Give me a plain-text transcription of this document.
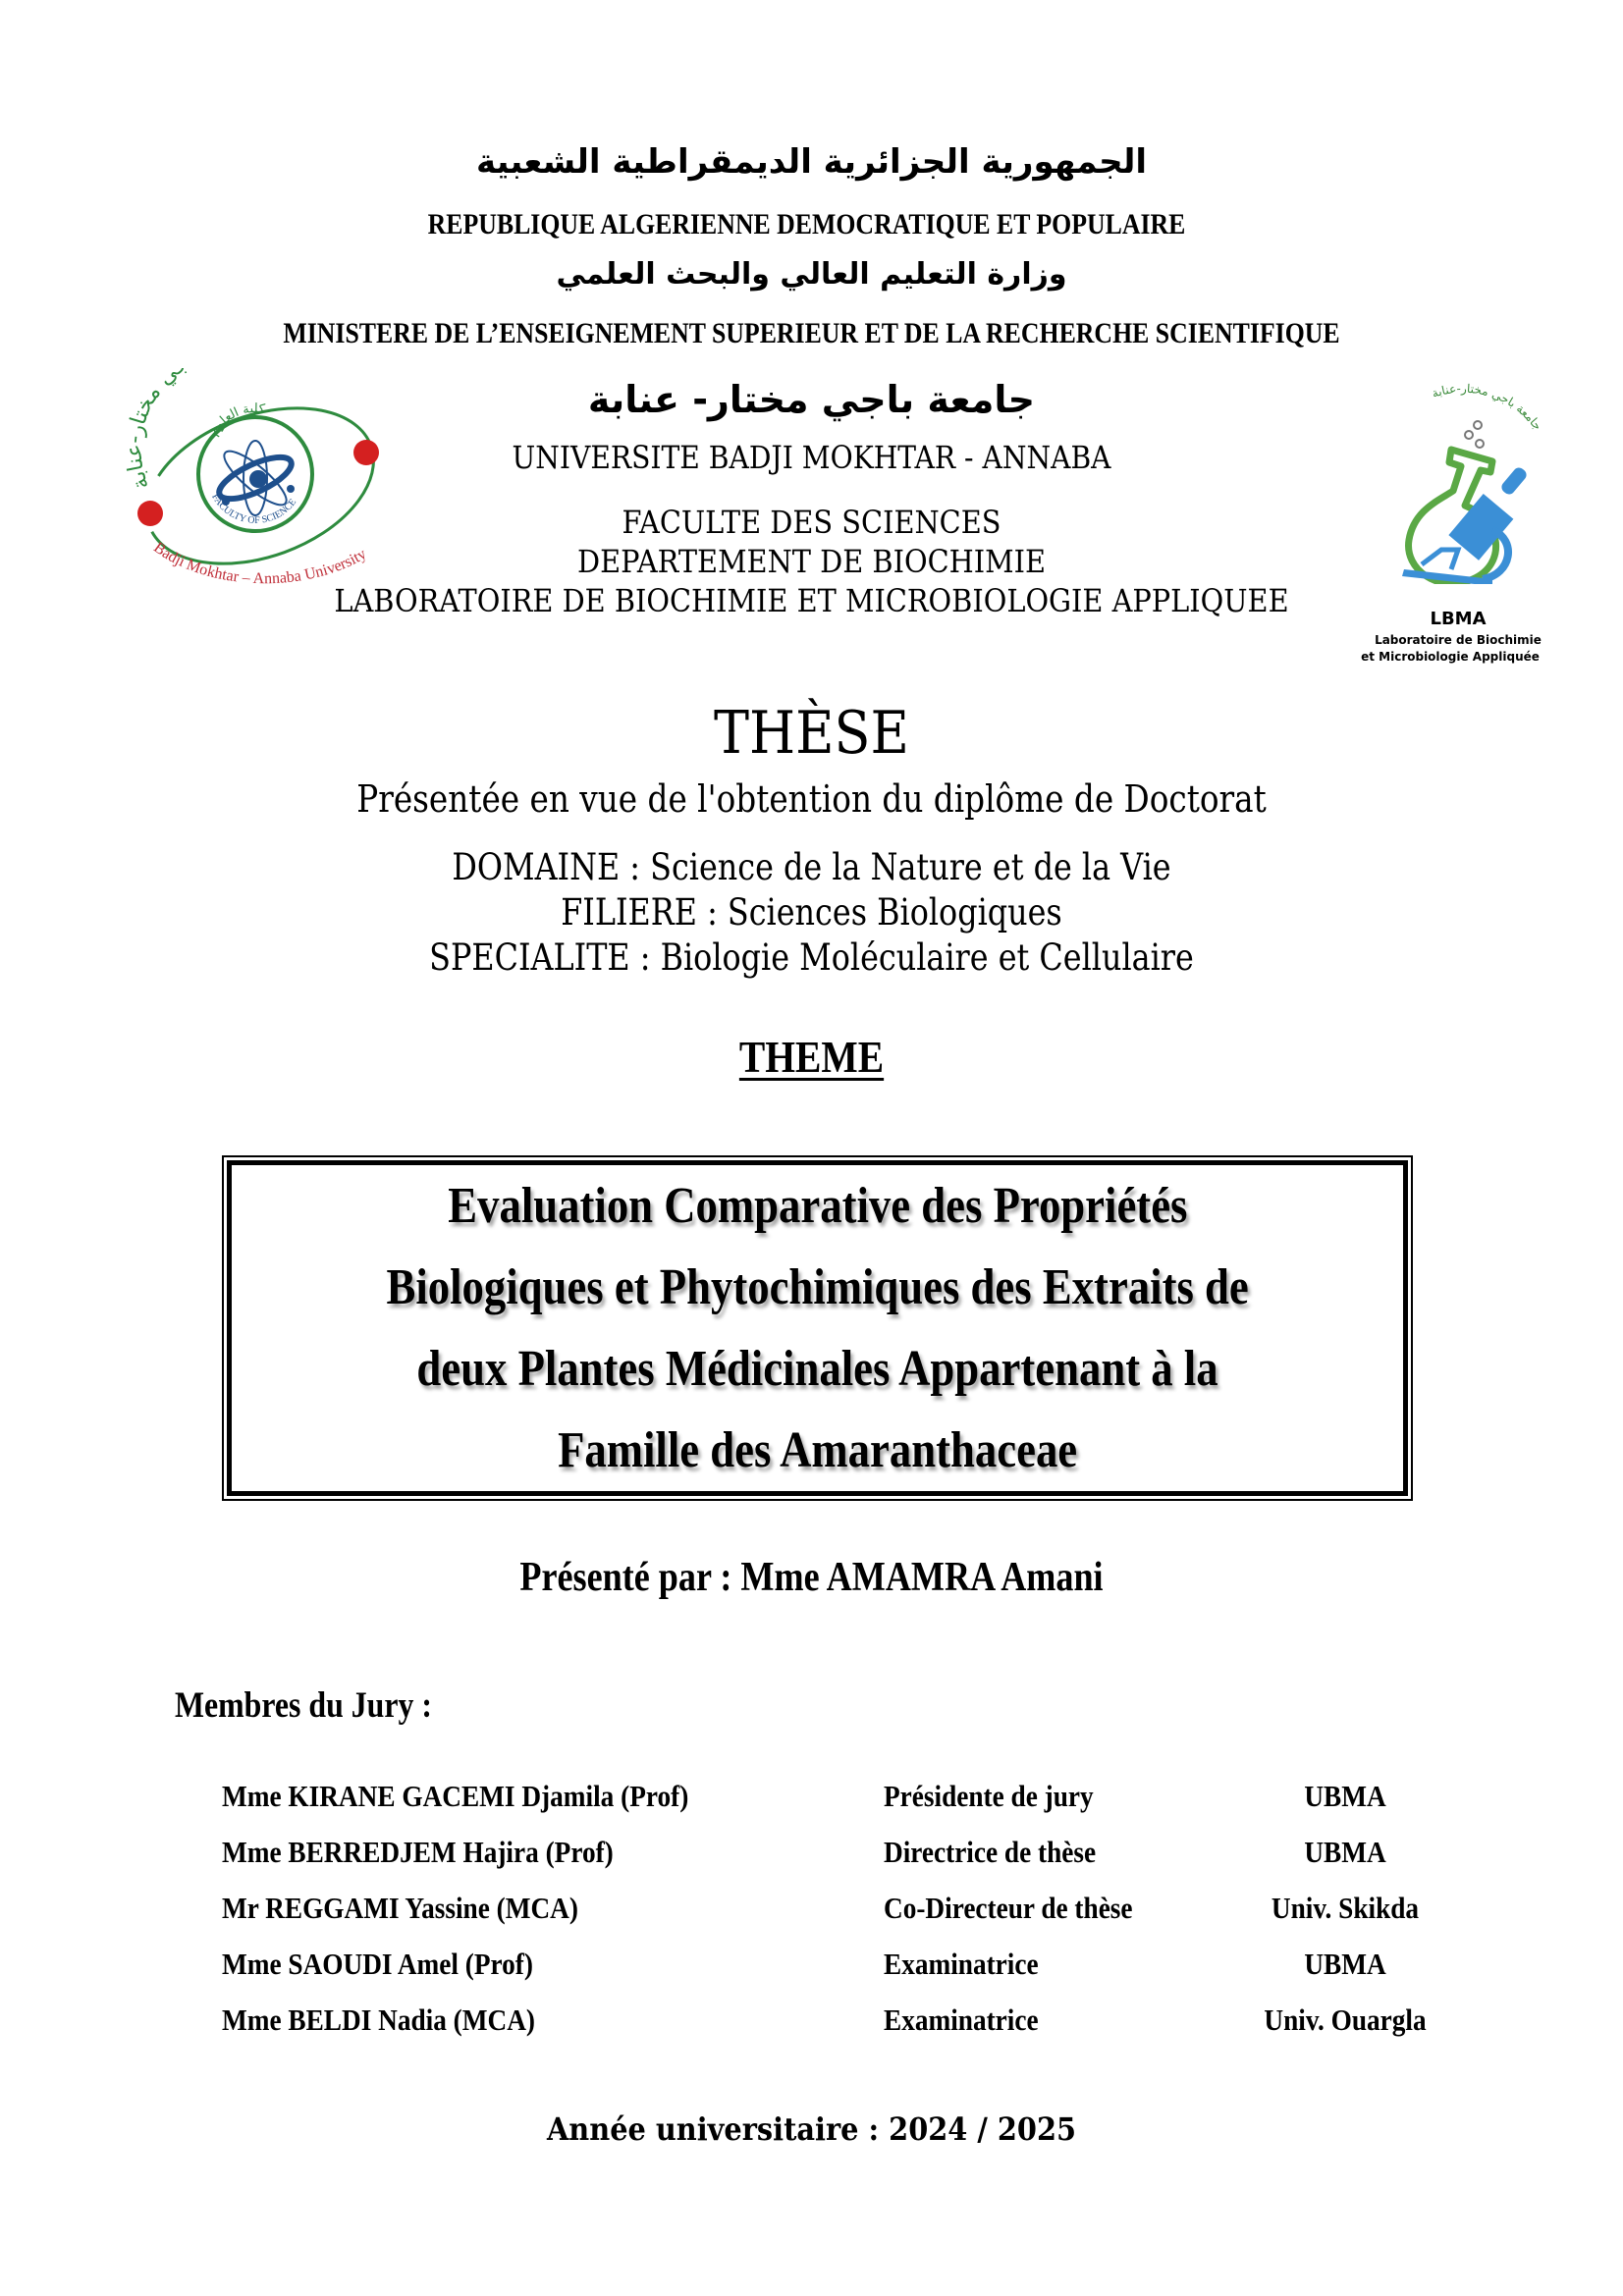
الجمهورية الجزائرية الديمقراطية الشعبية
REPUBLIQUE ALGERIENNE DEMOCRATIQUE ET POPULAIRE
وزارة التعليم العالي والبحث العلمي
MINISTERE DE L’ENSEIGNEMENT SUPERIEUR ET DE LA RECHERCHE SCIENTIFIQUE
جامعة باجي مختار- عنابة
UNIVERSITE BADJI MOKHTAR - ANNABA
FACULTE DES SCIENCES
DEPARTEMENT DE BIOCHIMIE
LABORATOIRE DE BIOCHIMIE ET MICROBIOLOGIE APPLIQUEE
ي مختار-عنابة
كلية العلوم
FACULTY OF SCIENCE
Badji Mokhtar – Annaba University
جامعة باجي مختار-عنابة
LBMA
Laboratoire de Biochimie
et Microbiologie Appliquée
THÈSE
Présentée en vue de l'obtention du diplôme de Doctorat
DOMAINE : Science de la Nature et de la Vie
FILIERE : Sciences Biologiques
SPECIALITE : Biologie Moléculaire et Cellulaire
THEME
Evaluation Comparative des Propriétés
Biologiques et Phytochimiques des Extraits de
deux Plantes Médicinales Appartenant à la
Famille des Amaranthaceae
Présenté par : Mme AMAMRA Amani
Membres du Jury :
Mme KIRANE GACEMI Djamila (Prof)	Présidente de jury	UBMA
Mme BERREDJEM Hajira (Prof)	Directrice de thèse	UBMA
Mr REGGAMI Yassine (MCA)	Co-Directeur de thèse	Univ. Skikda
Mme SAOUDI Amel (Prof)	Examinatrice	UBMA
Mme BELDI Nadia (MCA)	Examinatrice	Univ. Ouargla
Année universitaire : 2024 / 2025
